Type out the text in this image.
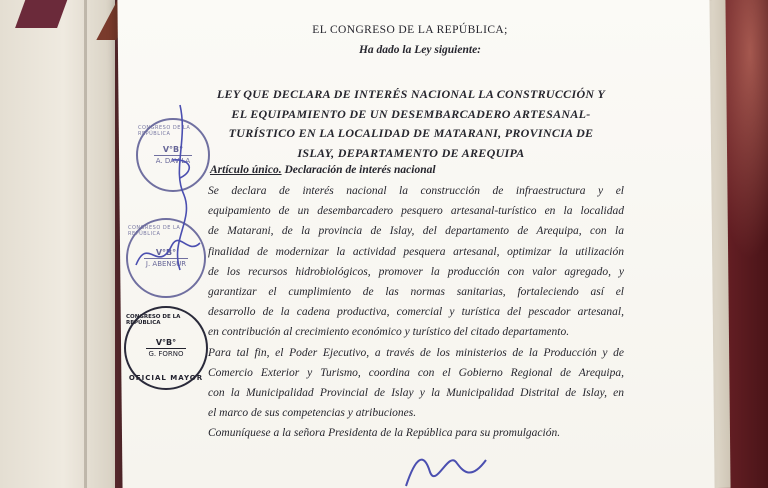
EL CONGRESO DE LA REPÚBLICA;
Ha dado la Ley siguiente:
LEY QUE DECLARA DE INTERÉS NACIONAL LA CONSTRUCCIÓN Y
EL EQUIPAMIENTO DE UN DESEMBARCADERO ARTESANAL-
TURÍSTICO EN LA LOCALIDAD DE MATARANI, PROVINCIA DE
ISLAY, DEPARTAMENTO DE AREQUIPA
Artículo único. Declaración de interés nacional

Se declara de interés nacional la construcción de infraestructura y el

equipamiento de un desembarcadero pesquero artesanal-turístico en la localidad

de Matarani, de la provincia de Islay, del departamento de Arequipa, con la

finalidad de modernizar la actividad pesquera artesanal, optimizar la utilización

de los recursos hidrobiológicos, promover la producción con valor agregado, y

garantizar el cumplimiento de las normas sanitarias, fortaleciendo así el

desarrollo de la cadena productiva, comercial y turística del pescador artesanal,

en contribución al crecimiento económico y turístico del citado departamento.

Para tal fin, el Poder Ejecutivo, a través de los ministerios de la Producción y de

Comercio Exterior y Turismo, coordina con el Gobierno Regional de Arequipa,

con la Municipalidad Provincial de Islay y la Municipalidad Distrital de Islay, en

el marco de sus competencias y atribuciones.

Comuníquese a la señora Presidenta de la República para su promulgación.

CONGRESO DE LA REPÚBLICA
V°B°
A. DAVILA
CONGRESO DE LA REPÚBLICA
V°B°
J. ABENSUR
CONGRESO DE LA REPÚBLICA
V°B°
G. FORNO
OFICIAL MAYOR
